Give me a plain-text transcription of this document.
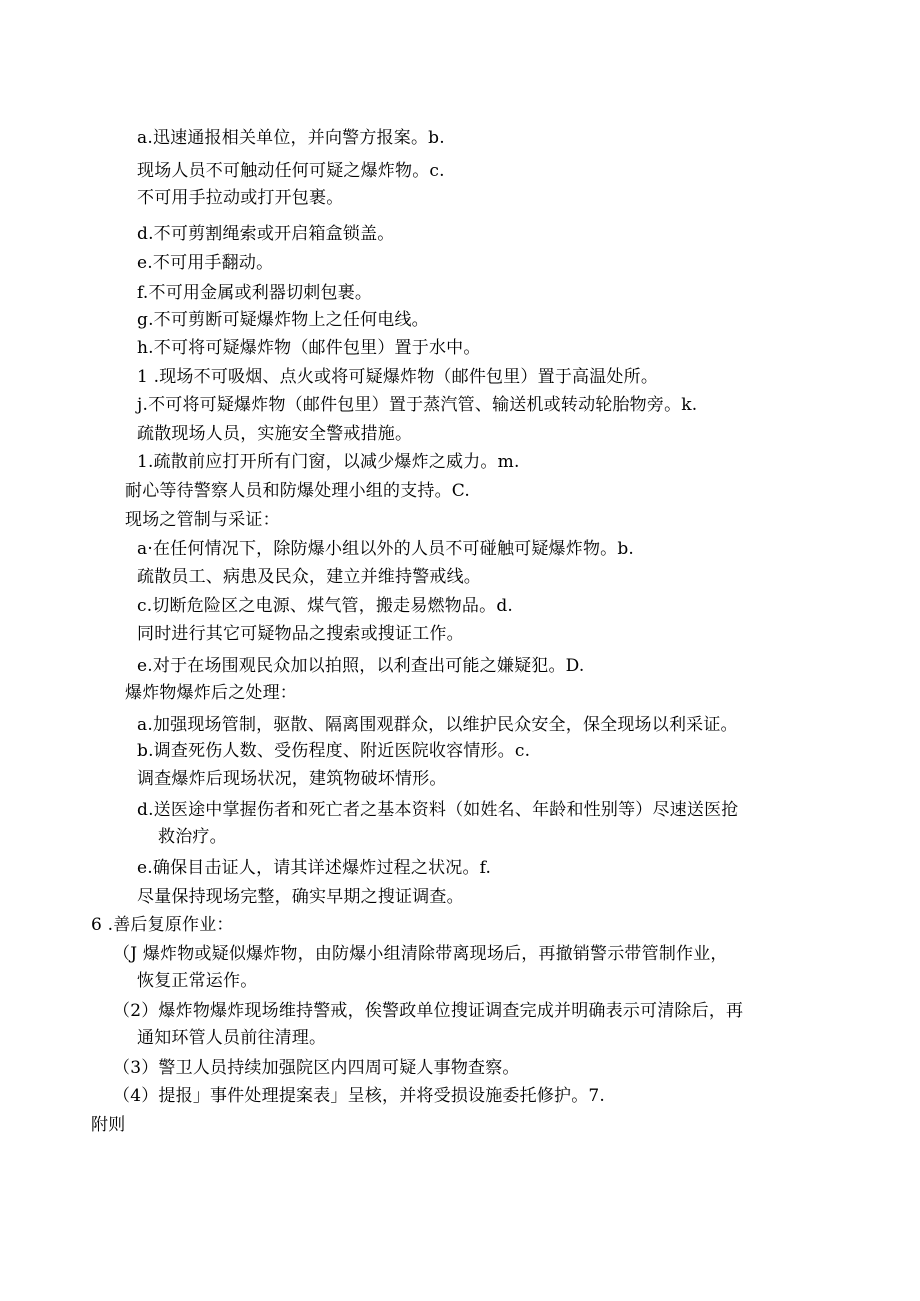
a.迅速通报相关单位，并向警方报案。b.
现场人员不可触动任何可疑之爆炸物。c.
不可用手拉动或打开包裹。
d.不可剪割绳索或开启箱盒锁盖。
e.不可用手翻动。
f.不可用金属或利器切刺包裹。
g.不可剪断可疑爆炸物上之任何电线。
h.不可将可疑爆炸物（邮件包里）置于水中。
1 .现场不可吸烟、点火或将可疑爆炸物（邮件包里）置于高温处所。
j.不可将可疑爆炸物（邮件包里）置于蒸汽管、输送机或转动轮胎物旁。k.
疏散现场人员，实施安全警戒措施。
1.疏散前应打开所有门窗，以减少爆炸之威力。m.
耐心等待警察人员和防爆处理小组的支持。C.
现场之管制与采证：
a·在任何情况下，除防爆小组以外的人员不可碰触可疑爆炸物。b.
疏散员工、病患及民众，建立并维持警戒线。
c.切断危险区之电源、煤气管，搬走易燃物品。d.
同时进行其它可疑物品之搜索或搜证工作。
e.对于在场围观民众加以拍照，以利查出可能之嫌疑犯。D.
爆炸物爆炸后之处理：
a.加强现场管制，驱散、隔离围观群众，以维护民众安全，保全现场以利采证。
b.调查死伤人数、受伤程度、附近医院收容情形。c.
调查爆炸后现场状况，建筑物破坏情形。
d.送医途中掌握伤者和死亡者之基本资料（如姓名、年龄和性别等）尽速送医抢
救治疗。
e.确保目击证人，请其详述爆炸过程之状况。f.
尽量保持现场完整，确实早期之搜证调查。
6 .善后复原作业：
（J 爆炸物或疑似爆炸物，由防爆小组清除带离现场后，再撤销警示带管制作业，
恢复正常运作。
（2）爆炸物爆炸现场维持警戒，俟警政单位搜证调查完成并明确表示可清除后，再
通知环管人员前往清理。
（3）警卫人员持续加强院区内四周可疑人事物查察。
（4）提报」事件处理提案表」呈核，并将受损设施委托修护。7.
附则
